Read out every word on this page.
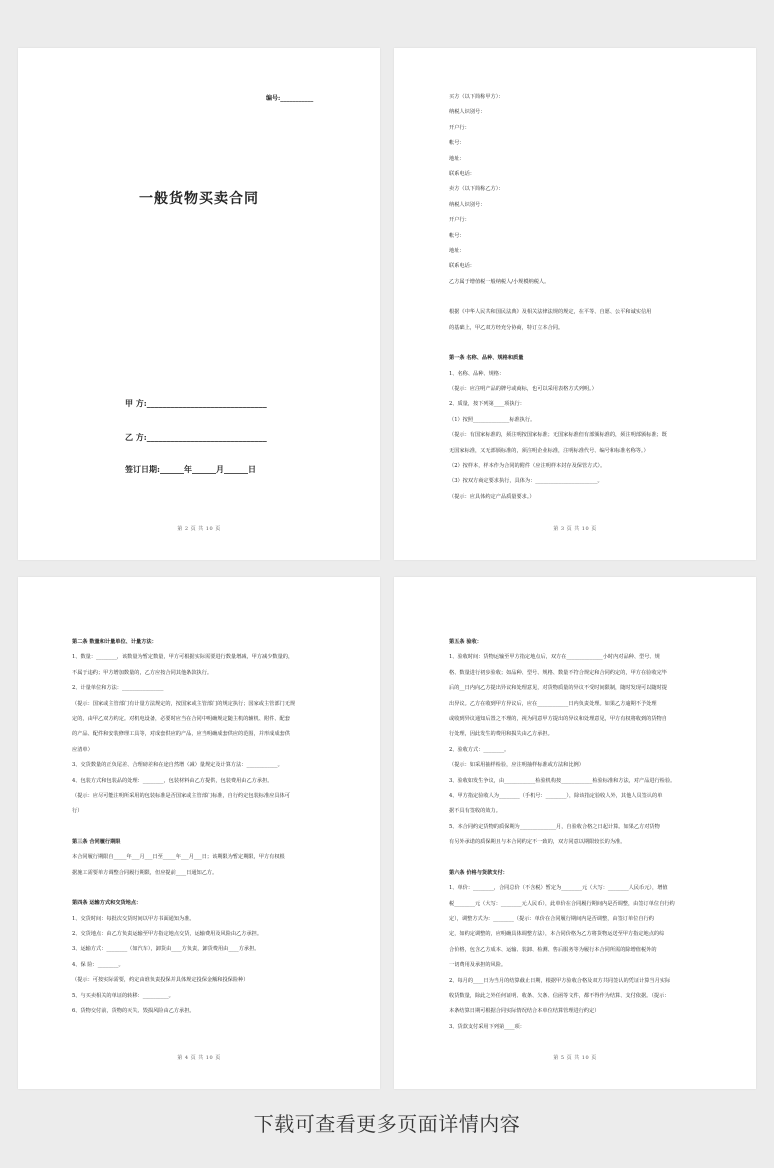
编号:___________
一般货物买卖合同
甲 方:______________________________
乙 方:______________________________
签订日期:______年______月______日
第 2 页 共 10 页

买方（以下简称甲方）：

纳税人识别号：

开户行：

帐号：

地址：

联系电话：

卖方（以下简称乙方）：

纳税人识别号：

开户行：

帐号：

地址：

联系电话：

乙方属于增值税一般纳税人/小规模纳税人。

根据《中华人民共和国民法典》及相关法律法规的规定，在平等、自愿、公平和诚实信用

的基础上，甲乙双方经充分协商，特订立本合同。

第一条 名称、品种、规格和质量

1、名称、品种、规格：

（提示：应注明产品的牌号或商标，也可以采用表格方式列明。）

2、质量，按下列第____项执行：

（1）按照______________标准执行。

（提示：有国家标准的，须注明按国家标准；无国家标准但有部颁标准的，须注明部颁标准；既

无国家标准，又无部颁标准的，须注明企业标准，注明标准代号、编号和标准名称等。）

（2）按样本，样本作为合同的附件（应注明样本封存及保管方式）。

（3）按双方商定要求执行，具体为：________________________。

（提示：应具体约定产品质量要求。）

第 3 页 共 10 页

第二条 数量和计量单位、计量方法：

1、数量：________，该数量为暂定数量，甲方可根据实际需要进行数量增减，甲方减少数量的，

不属于违约；甲方增加数量的，乙方应按合同其他条款执行。

2、计量单位和方法：________________

（提示：国家或主管部门有计量方法规定的，按国家或主管部门的规定执行；国家或主管部门无规

定的，由甲乙双方约定。对机电设备，必要时应当在合同中明确规定随主机的辅机、附件、配套

的产品、配件和安装修理工具等，对成套供应的产品，应当明确成套供应的范围，并形成成套供

应清单）

3、交货数量的正负尾差、合理磅差和在途自然增（减）量规定及计算方法：____________。

4、包装方式和包装品的处理：________，包装材料由乙方提供，包装费用由乙方承担。

（提示：应尽可能注明所采用的包装标准是否国家或主管部门标准，自行约定包装标准应具体可

行）

第三条 合同履行期限

本合同履行期限自_____年___月___日至_____年___月___日；该期限为暂定期限，甲方有权根

据施工需要单方调整合同履行期限，但应提前____日通知乙方。

第四条 运输方式和交货地点：

1、交货时间：每批次交货时间以甲方书面通知为准。

2、交货地点：由乙方负责运输至甲方指定地点交货，运输费用及风险由乙方承担。

3、运输方式：________（如汽车），卸货由____方负责，卸货费用由____方承担。

4、保 险：________。

（提示：可按实际需要，约定由谁负责投保并具体规定投保金额和投保险种）

5、与买卖相关的单证的转移：__________。

6、货物交付前，货物的灭失、毁损风险由乙方承担。

第 4 页 共 10 页

第五条 验收：

1、验收时间：货物运输至甲方指定地点后，双方在______________小时内对品种、型号、规

格、数量进行初步验收；如品种、型号、规格、数量不符合规定和合同约定的，甲方在验收完毕

后的__日内向乙方提出异议和处理意见，对货物质量的异议不受时间限制，随时发现可以随时提

出异议。乙方在收到甲方异议后，应在____________日内负责处理。如果乙方逾期不予处理

或收到异议通知后置之不理的，视为同意甲方提出的异议和处理意见，甲方有权将收到的货物自

行处理，因此发生的费用和损失由乙方承担。

2、验收方式：________。

（提示：如采用抽样检验，应注明抽样标准或方法和比例）

3、验收如发生争议，由____________检验机构按____________检验标准和方法，对产品进行检验。

4、甲方指定验收人为________（手机号：________），除该指定验收人外，其他人员签认的单

据不具有签收的效力。

5、本合同约定货物的质保期为______________月，自验收合格之日起计算。如果乙方对货物

有另外承诺的质保期且与本合同约定不一致的，双方同意以期限较长的为准。

第六条 价格与货款支付：

1、单价：________，合同总价（不含税）暂定为________元（大写：________人民币元），增值

税________元（大写：________元人民币），此单价在合同履行期间内是否调整，由签订单位自行约

定），调整方式为：________（提示：单价在合同履行期间内是否调整，由签订单位自行约

定，如约定调整的，应明确具体调整方法），本合同价格为乙方将货物运送至甲方指定地点的综

合价格，包含乙方成本、运输、装卸、检测、售后服务等为履行本合同所需的除增值税外的

一切费用及承担的风险。

2、每月的____日为当月的结算截止日期，根据甲方验收合格及双方共同签认的凭证计算当月实际

收货数量，除此之外任何证明、收条、欠条、信函等文件，都不得作为结算、支付依据。（提示：

本条结算日期可根据合同实际情况结合本单位结算管理进行约定）

3、货款支付采用下列第____项：

第 5 页 共 10 页
下载可查看更多页面详情内容
